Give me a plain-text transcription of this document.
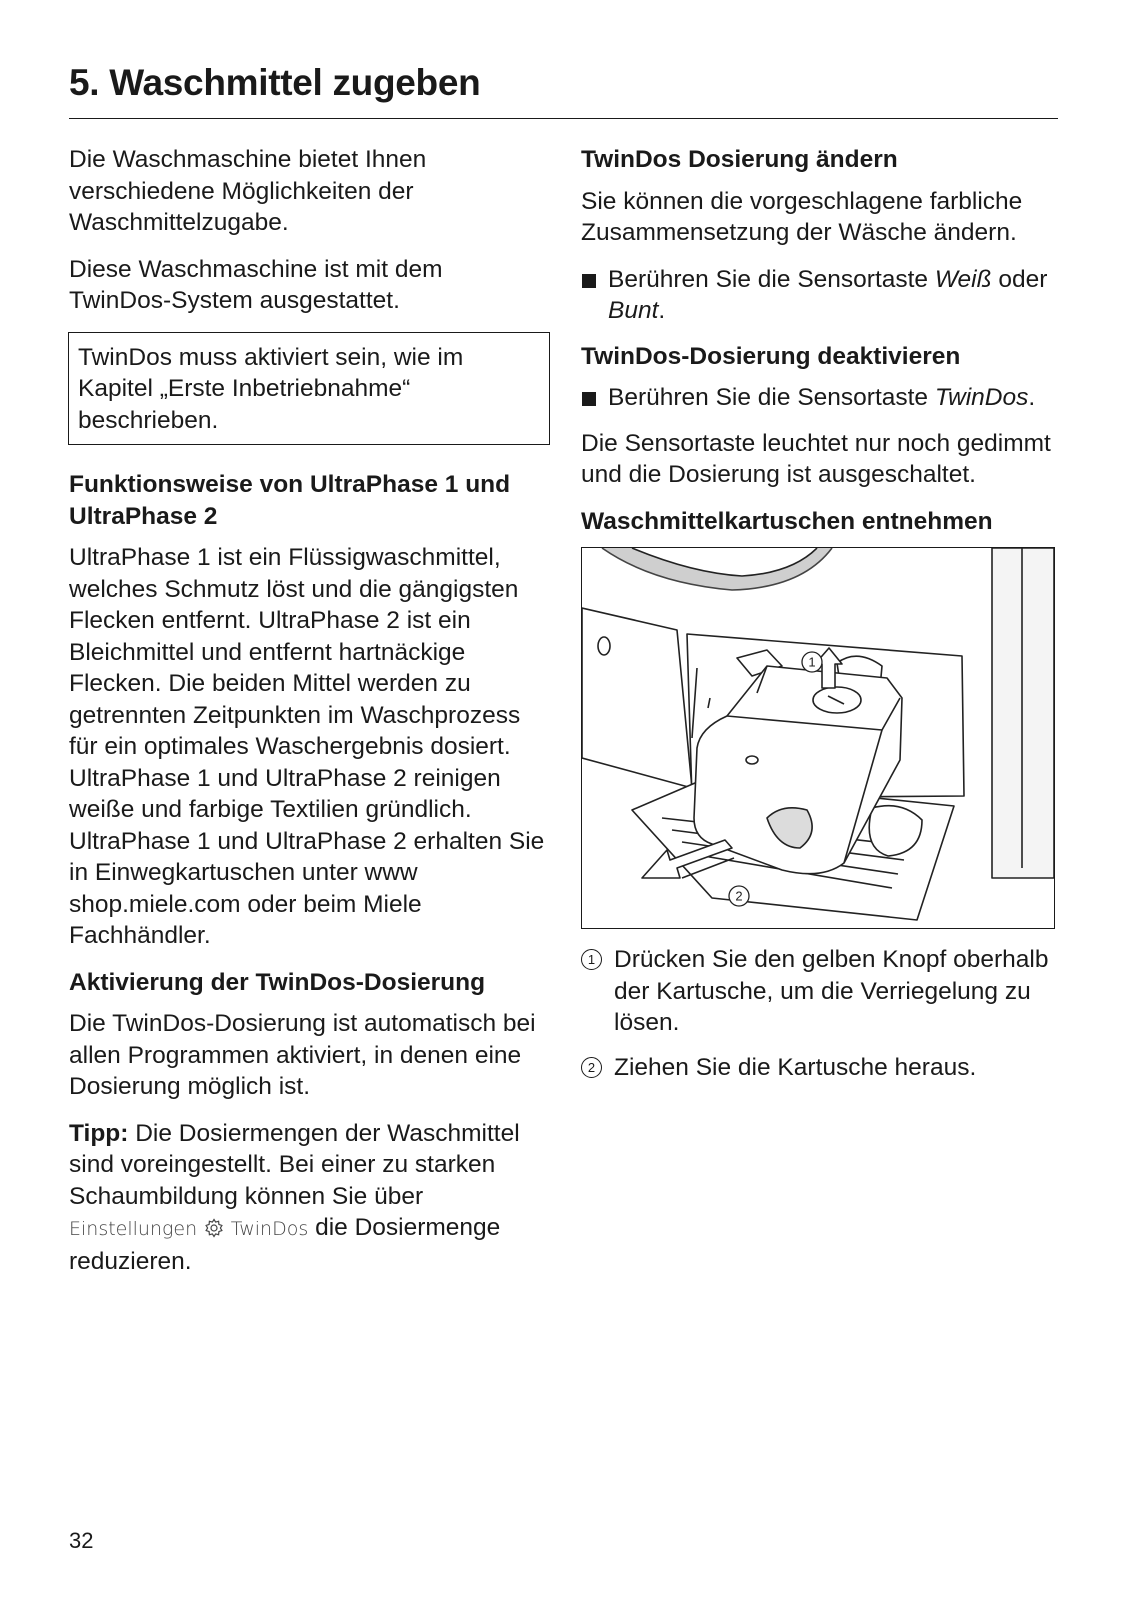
5. Waschmittel zugeben

Die Waschmaschine bietet Ihnen verschiedene Möglichkeiten der Waschmittelzugabe.

Diese Waschmaschine ist mit dem TwinDos-System ausgestattet.

TwinDos muss aktiviert sein, wie im Kapitel „Erste Inbetriebnahme“ beschrieben.
Funktionsweise von UltraPhase 1 und UltraPhase 2

UltraPhase 1 ist ein Flüssigwaschmittel, welches Schmutz löst und die gängigsten Flecken entfernt. UltraPhase 2 ist ein Bleichmittel und entfernt hartnäckige Flecken. Die beiden Mittel werden zu getrennten Zeitpunkten im Waschprozess für ein optimales Waschergebnis dosiert. UltraPhase 1 und UltraPhase 2 reinigen weiße und farbige Textilien gründlich. UltraPhase 1 und UltraPhase 2 erhalten Sie in Einwegkartuschen unter www shop.miele.com oder beim Miele Fachhändler.

Aktivierung der TwinDos-Dosierung

Die TwinDos-Dosierung ist automatisch bei allen Programmen aktiviert, in denen eine Dosierung möglich ist.

Tipp: Die Dosiermengen der Waschmittel sind voreingestellt. Bei einer zu starken Schaumbildung können Sie über Einstellungen TwinDos die Dosiermenge reduzieren.

TwinDos Dosierung ändern

Sie können die vorgeschlagene farbliche Zusammensetzung der Wäsche ändern.

Berühren Sie die Sensortaste Weiß oder Bunt.
TwinDos-Dosierung deaktivieren
Berühren Sie die Sensortaste TwinDos.

Die Sensortaste leuchtet nur noch gedimmt und die Dosierung ist ausgeschaltet.

Waschmittelkartuschen entnehmen
1
2
1 Drücken Sie den gelben Knopf oberhalb der Kartusche, um die Verriegelung zu lösen.
2 Ziehen Sie die Kartusche heraus.
32
